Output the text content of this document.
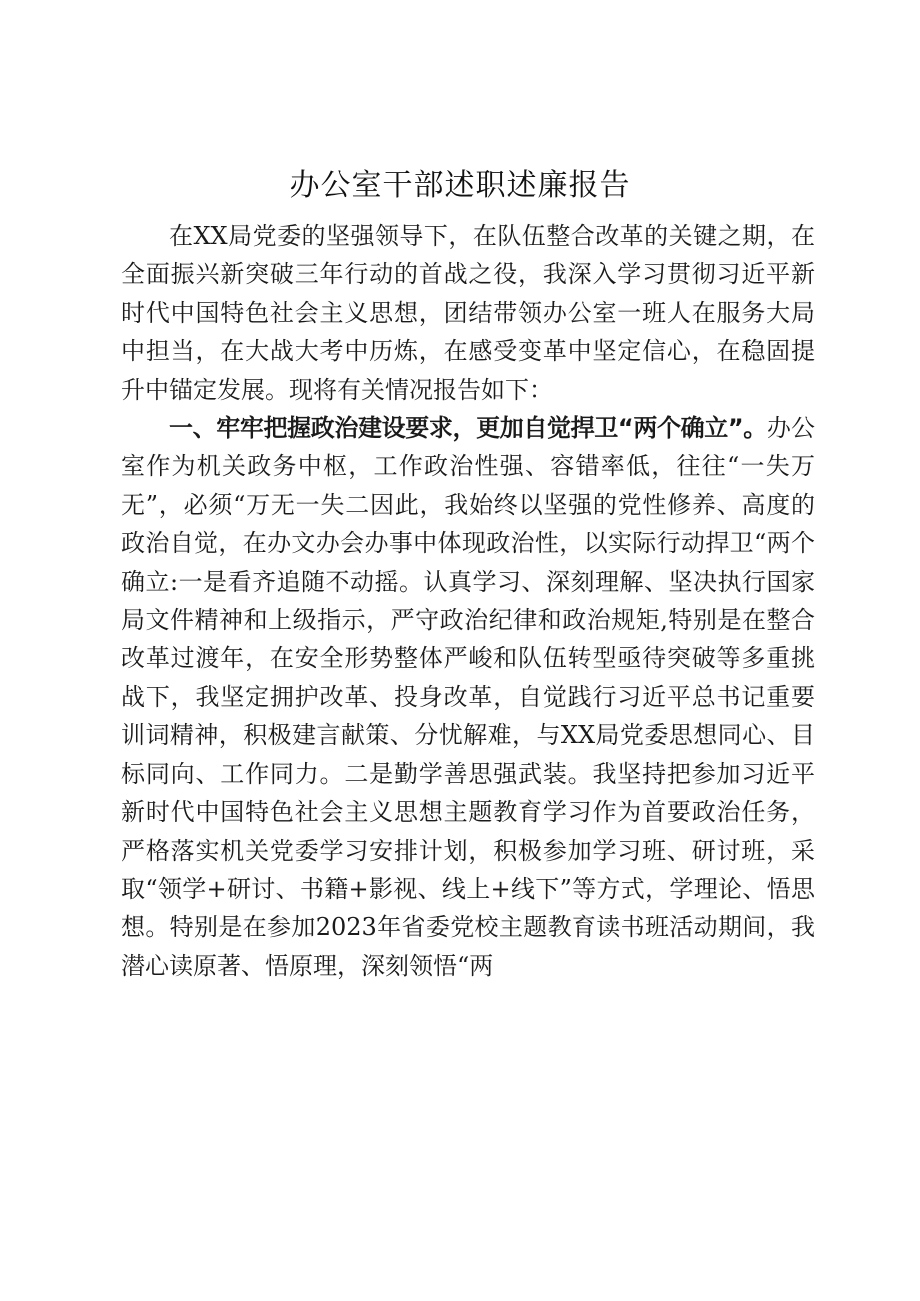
办公室干部述职述廉报告

在XX局党委的坚强领导下，在队伍整合改革的关键之期，在全面振兴新突破三年行动的首战之役，我深入学习贯彻习近平新时代中国特色社会主义思想，团结带领办公室一班人在服务大局中担当，在大战大考中历炼，在感受变革中坚定信心，在稳固提升中锚定发展。现将有关情况报告如下：

一、牢牢把握政治建设要求，更加自觉捍卫“两个确立”。办公室作为机关政务中枢，工作政治性强、容错率低，往往“一失万无”，必须“万无一失二因此，我始终以坚强的党性修养、高度的政治自觉，在办文办会办事中体现政治性，以实际行动捍卫“两个确立:一是看齐追随不动摇。认真学习、深刻理解、坚决执行国家局文件精神和上级指示，严守政治纪律和政治规矩,特别是在整合改革过渡年，在安全形势整体严峻和队伍转型亟待突破等多重挑战下，我坚定拥护改革、投身改革，自觉践行习近平总书记重要训词精神，积极建言献策、分忧解难，与XX局党委思想同心、目标同向、工作同力。二是勤学善思强武装。我坚持把参加习近平新时代中国特色社会主义思想主题教育学习作为首要政治任务，严格落实机关党委学习安排计划，积极参加学习班、研讨班，采取“领学+研讨、书籍+影视、线上+线下”等方式，学理论、悟思想。特别是在参加2023年省委党校主题教育读书班活动期间，我潜心读原著、悟原理，深刻领悟“两
